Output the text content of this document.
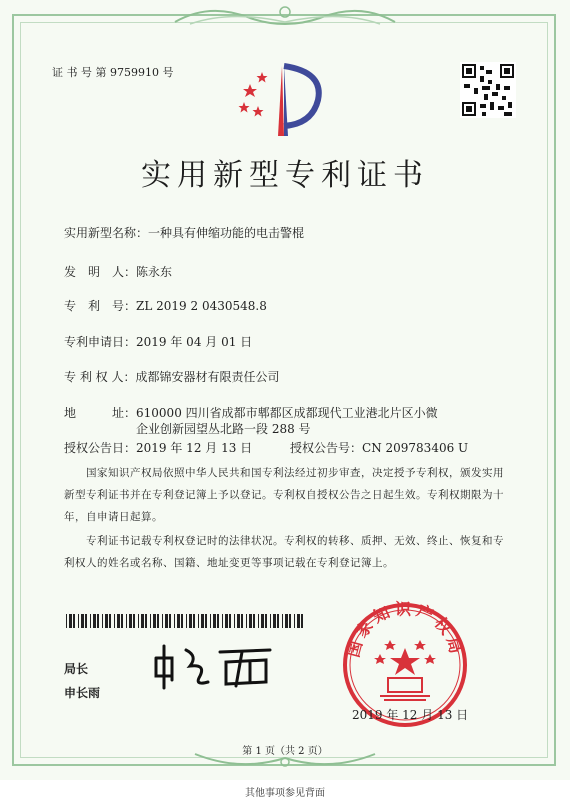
证 书 号 第 9759910 号
实用新型专利证书
实用新型名称：一种具有伸缩功能的电击警棍
发　明　人：陈永东
专　利　号：ZL 2019 2 0430548.8
专利申请日：2019 年 04 月 01 日
专 利 权 人：成都锦安器材有限责任公司
地　　　址：610000 四川省成都市郫都区成都现代工业港北片区小微
企业创新园望丛北路一段 288 号
授权公告日：2019 年 12 月 13 日	授权公告号：CN 209783406 U
国家知识产权局依照中华人民共和国专利法经过初步审查，决定授予专利权，颁发实用新型专利证书并在专利登记簿上予以登记。专利权自授权公告之日起生效。专利权期限为十年，自申请日起算。
专利证书记载专利权登记时的法律状况。专利权的转移、质押、无效、终止、恢复和专利权人的姓名或名称、国籍、地址变更等事项记载在专利登记簿上。
局长
申长雨
国家知识产权局
2019 年 12 月 13 日
第 1 页（共 2 页）
其他事项参见背面
